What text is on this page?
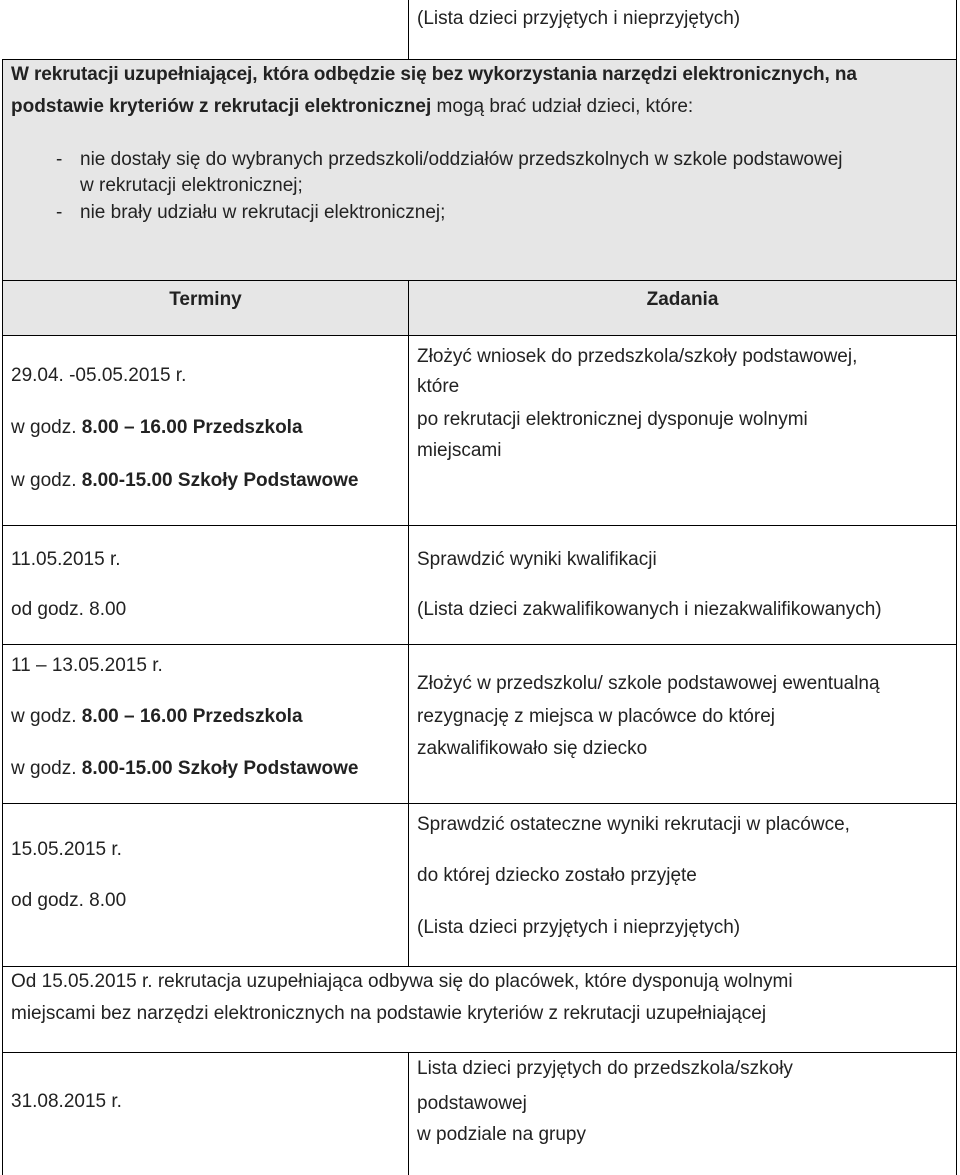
(Lista dzieci przyjętych i nieprzyjętych)
W rekrutacji uzupełniającej, która odbędzie się bez wykorzystania narzędzi elektronicznych, na
podstawie kryteriów z rekrutacji elektronicznej mogą brać udział dzieci, które:
- nie dostały się do wybranych przedszkoli/oddziałów przedszkolnych w szkole podstawowej
w rekrutacji elektronicznej;
- nie brały udziału w rekrutacji elektronicznej;
Terminy	Zadania
29.04. -05.05.2015 r.
w godz. 8.00 – 16.00 Przedszkola
w godz. 8.00-15.00 Szkoły Podstawowe
Złożyć wniosek do przedszkola/szkoły podstawowej,
które
po rekrutacji elektronicznej dysponuje wolnymi
miejscami
11.05.2015 r.
od godz. 8.00
Sprawdzić wyniki kwalifikacji
(Lista dzieci zakwalifikowanych i niezakwalifikowanych)
11 – 13.05.2015 r.
w godz. 8.00 – 16.00 Przedszkola
w godz. 8.00-15.00 Szkoły Podstawowe
Złożyć w przedszkolu/ szkole podstawowej ewentualną
rezygnację z miejsca w placówce do której
zakwalifikowało się dziecko
15.05.2015 r.
od godz. 8.00
Sprawdzić ostateczne wyniki rekrutacji w placówce,
do której dziecko zostało przyjęte
(Lista dzieci przyjętych i nieprzyjętych)
Od 15.05.2015 r. rekrutacja uzupełniająca odbywa się do placówek, które dysponują wolnymi
miejscami bez narzędzi elektronicznych na podstawie kryteriów z rekrutacji uzupełniającej
31.08.2015 r.
Lista dzieci przyjętych do przedszkola/szkoły
podstawowej
w podziale na grupy
